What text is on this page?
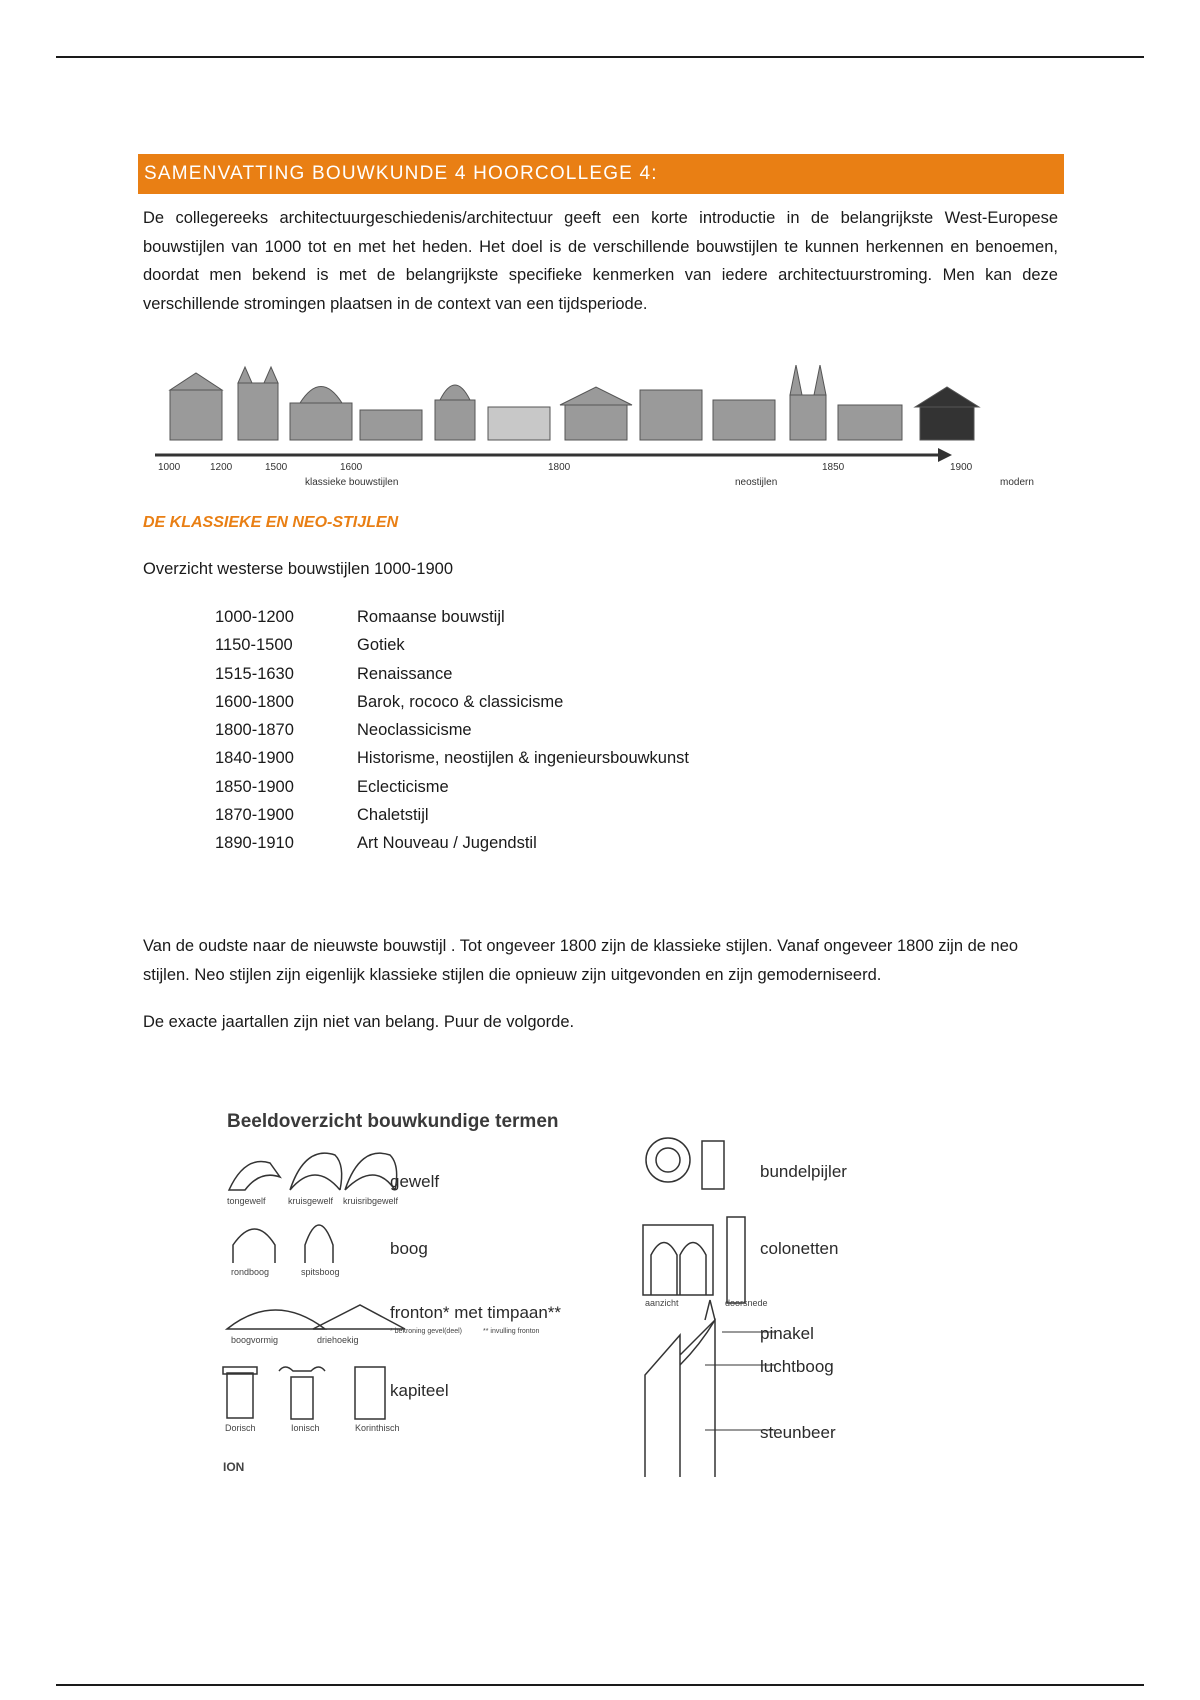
SAMENVATTING BOUWKUNDE 4 HOORCOLLEGE 4:
De collegereeks architectuurgeschiedenis/architectuur geeft een korte introductie in de belangrijkste West-Europese bouwstijlen van 1000 tot en met het heden. Het doel is de verschillende bouwstijlen te kunnen herkennen en benoemen, doordat men bekend is met de belangrijkste specifieke kenmerken van iedere architectuurstroming. Men kan deze verschillende stromingen plaatsen in de context van een tijdsperiode.
1000	1200	1500	1600	1800	1850	1900
klassieke bouwstijlen	neostijlen	modern
DE KLASSIEKE EN NEO-STIJLEN
Overzicht westerse bouwstijlen 1000-1900
1000-1200	Romaanse bouwstijl
1150-1500	Gotiek
1515-1630	Renaissance
1600-1800	Barok, rococo & classicisme
1800-1870	Neoclassicisme
1840-1900	Historisme, neostijlen & ingenieursbouwkunst
1850-1900	Eclecticisme
1870-1900	Chaletstijl
1890-1910	Art Nouveau / Jugendstil
Van de oudste naar de nieuwste bouwstijl . Tot ongeveer 1800 zijn de klassieke stijlen. Vanaf ongeveer 1800 zijn de neo stijlen. Neo stijlen zijn eigenlijk klassieke stijlen die opnieuw zijn uitgevonden en zijn gemoderniseerd.
De exacte jaartallen zijn niet van belang. Puur de volgorde.
Beeldoverzicht bouwkundige termen
gewelf
boog
fronton* met timpaan**
kapiteel
bundelpijler
colonetten
pinakel
luchtboog
steunbeer
tongewelf kruisgewelf kruisribgewelf
rondboog	spitsboog
boogvormig	driehoekig
* bekroning gevel(deel)	** invulling fronton
Dorisch	Ionisch	Korinthisch
aanzicht	doorsnede
ION
